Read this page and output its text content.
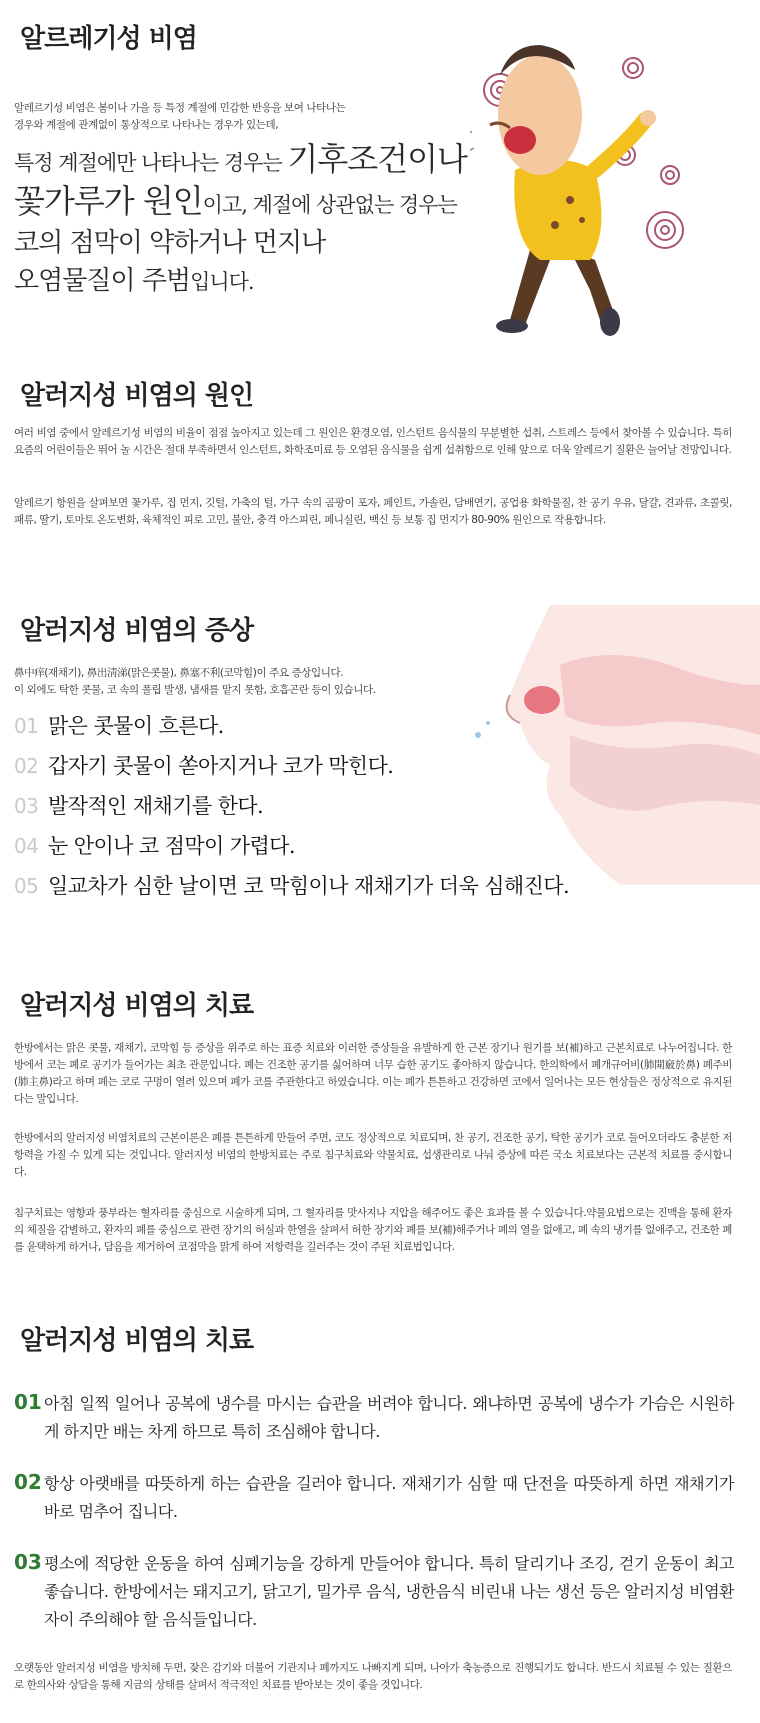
알르레기성 비염
알레르기성 비염은 봄이나 가을 등 특정 계절에 민감한 반응을 보여 나타나는
경우와 계절에 관계없이 통상적으로 나타나는 경우가 있는데,
특정 계절에만 나타나는 경우는 기후조건이나
꽃가루가 원인이고, 계절에 상관없는 경우는
코의 점막이 약하거나 먼지나
오염물질이 주범입니다.
알러지성 비염의 원인
여러 비염 중에서 알레르기성 비염의 비율이 점점 높아지고 있는데 그 원인은 환경오염, 인스턴트 음식물의 무분별한 섭취, 스트레스 등에서 찾아볼 수 있습니다. 특히 요즘의 어린이들은 뛰어 놀 시간은 절대 부족하면서 인스턴트, 화학조미료 등 오염된 음식물을 쉽게 섭취함으로 인해 앞으로 더욱 알레르기 질환은 늘어날 전망입니다.
알레르기 항원을 살펴보면 꽃가루, 집 먼지, 깃털, 가축의 털, 가구 속의 곰팡이 포자, 페인트, 가솔린, 담배연기, 공업용 화학물질, 찬 공기 우유, 달걀, 견과류, 초콜릿, 패류, 딸기, 토마토 온도변화, 육체적인 피로 고민, 불안, 충격 아스피린, 페니실린, 백신 등 보통 집 먼지가 80-90% 원인으로 작용합니다.
알러지성 비염의 증상
鼻中痒(재채기), 鼻出淸涕(맑은콧물), 鼻塞不利(코막힘)이 주요 증상입니다.
이 외에도 탁한 콧물, 코 속의 폴립 발생, 냄새를 맡지 못함, 호흡곤란 등이 있습니다.
01 맑은 콧물이 흐른다.
02 갑자기 콧물이 쏟아지거나 코가 막힌다.
03 발작적인 재채기를 한다.
04 눈 안이나 코 점막이 가렵다.
05 일교차가 심한 날이면 코 막힘이나 재채기가 더욱 심해진다.
알러지성 비염의 치료
한방에서는 맑은 콧물, 재채기, 코막힘 등 증상을 위주로 하는 표증 치료와 이러한 증상들을 유발하게 한 근본 장기나 원기를 보(補)하고 근본치료로 나누어집니다. 한방에서 코는 폐로 공기가 들어가는 최초 관문입니다. 폐는 건조한 공기를 싫어하며 너무 습한 공기도 좋아하지 않습니다. 한의학에서 폐개규어비(肺開竅於鼻) 폐주비(肺主鼻)라고 하며 폐는 코로 구멍이 열려 있으며 폐가 코를 주관한다고 하였습니다. 이는 폐가 튼튼하고 건강하면 코에서 일어나는 모든 현상들은 정상적으로 유지된다는 말입니다.
한방에서의 알러지성 비염치료의 근본이론은 폐를 튼튼하게 만들어 주면, 코도 정상적으로 치료되며, 찬 공기, 건조한 공기, 탁한 공기가 코로 들어오더라도 충분한 저항력을 가질 수 있게 되는 것입니다. 알러지성 비염의 한방치료는 주로 침구치료와 약물치료, 섭생관리로 나눠 증상에 따른 국소 치료보다는 근본적 치료를 중시합니다.
침구치료는 영향과 풍부라는 혈자리를 중심으로 시술하게 되며, 그 혈자리를 맛사지나 지압을 해주어도 좋은 효과를 볼 수 있습니다.약물요법으로는 진맥을 통해 환자의 체질을 감별하고, 환자의 폐를 중심으로 관련 장기의 허실과 한열을 살펴서 허한 장기와 폐를 보(補)해주거나 폐의 열을 없애고, 폐 속의 냉기를 없애주고, 건조한 폐를 윤택하게 하거나, 담음을 제거하여 코점막을 맑게 하여 저항력을 길러주는 것이 주된 치료법입니다.
알러지성 비염의 치료
01 아침 일찍 일어나 공복에 냉수를 마시는 습관을 버려야 합니다. 왜냐하면 공복에 냉수가 가슴은 시원하게 하지만 배는 차게 하므로 특히 조심해야 합니다.
02 항상 아랫배를 따뜻하게 하는 습관을 길러야 합니다. 재채기가 심할 때 단전을 따뜻하게 하면 재채기가 바로 멈추어 집니다.
03 평소에 적당한 운동을 하여 심폐기능을 강하게 만들어야 합니다. 특히 달리기나 조깅, 걷기 운동이 최고 좋습니다. 한방에서는 돼지고기, 닭고기, 밀가루 음식, 냉한음식 비린내 나는 생선 등은 알러지성 비염환자이 주의해야 할 음식들입니다.
오랫동안 알러지성 비염을 방치해 두면, 잦은 감기와 더불어 기관지나 폐까지도 나빠지게 되며, 나아가 축농증으로 진행되기도 합니다. 반드시 치료될 수 있는 질환으로 한의사와 상담을 통해 지금의 상태를 살펴서 적극적인 치료를 받아보는 것이 좋을 것입니다.
